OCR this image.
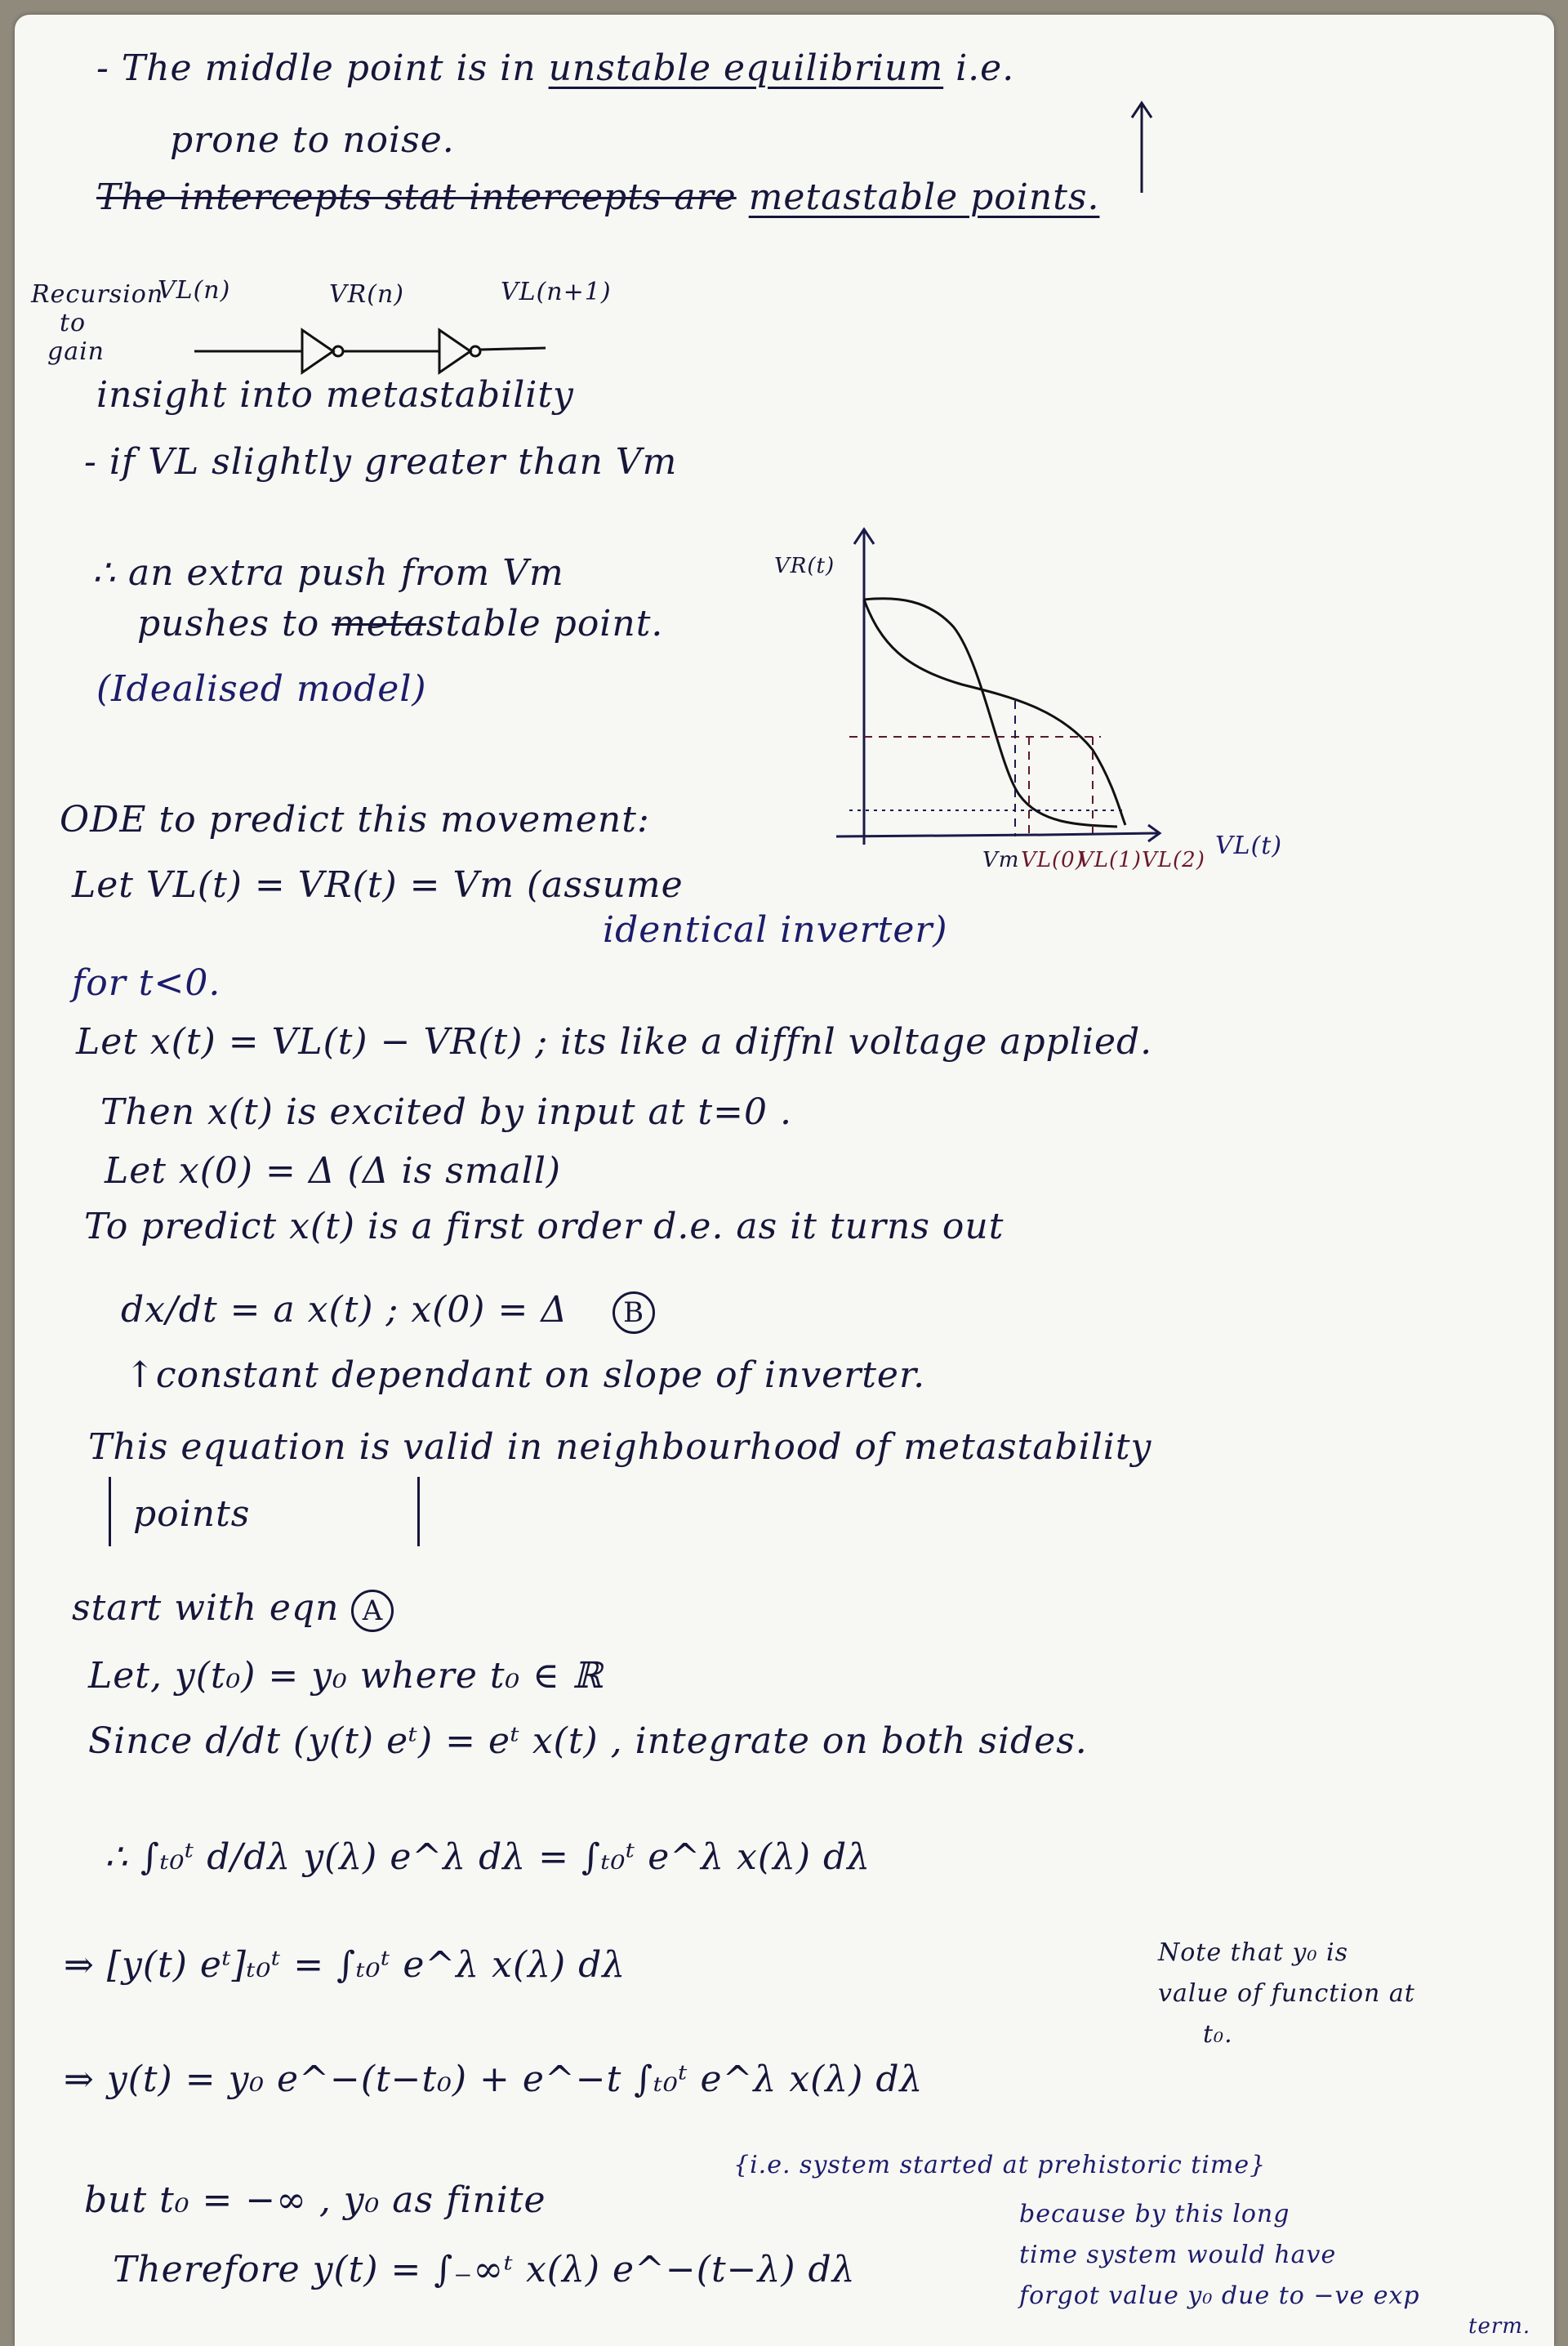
- The middle point is in unstable equilibrium i.e.
prone to noise.
The intercepts stat intercepts are metastable points.
Recursion
to
gain
VL(n)	VR(n)	VL(n+1)
insight into metastability
- if VL slightly greater than Vm
∴ an extra push from Vm
pushes to metastable point.
(Idealised model)
VR(t)
Vm VL(0)
VL(1) VL(2) VL(t)
ODE to predict this movement:
Let VL(t) = VR(t) = Vm (assume
identical inverter)
for t<0.
Let x(t) = VL(t) − VR(t) ; its like a diffnl voltage applied.
Then x(t) is excited by input at t=0 .
Let x(0) = Δ (Δ is small)
To predict x(t) is a first order d.e. as it turns out
dx/dt = a x(t) ; x(0) = Δ B
↑constant dependant on slope of inverter.
This equation is valid in neighbourhood of metastability
points
start with eqn A
Let, y(t₀) = y₀ where t₀ ∈ ℝ
Since d/dt (y(t) eᵗ) = eᵗ x(t) , integrate on both sides.
∴ ∫ₜ₀ᵗ d/dλ y(λ) e^λ dλ = ∫ₜ₀ᵗ e^λ x(λ) dλ
⇒ [y(t) eᵗ]ₜ₀ᵗ = ∫ₜ₀ᵗ e^λ x(λ) dλ	Note that y₀ is
value of function at
t₀.
⇒ y(t) = y₀ e^−(t−t₀) + e^−t ∫ₜ₀ᵗ e^λ x(λ) dλ
but t₀ = −∞ , y₀ as finite
{i.e. system started at prehistoric time}
Therefore y(t) = ∫₋∞ᵗ x(λ) e^−(t−λ) dλ
because by this long
time system would have
forgot value y₀ due to −ve exp
term.
